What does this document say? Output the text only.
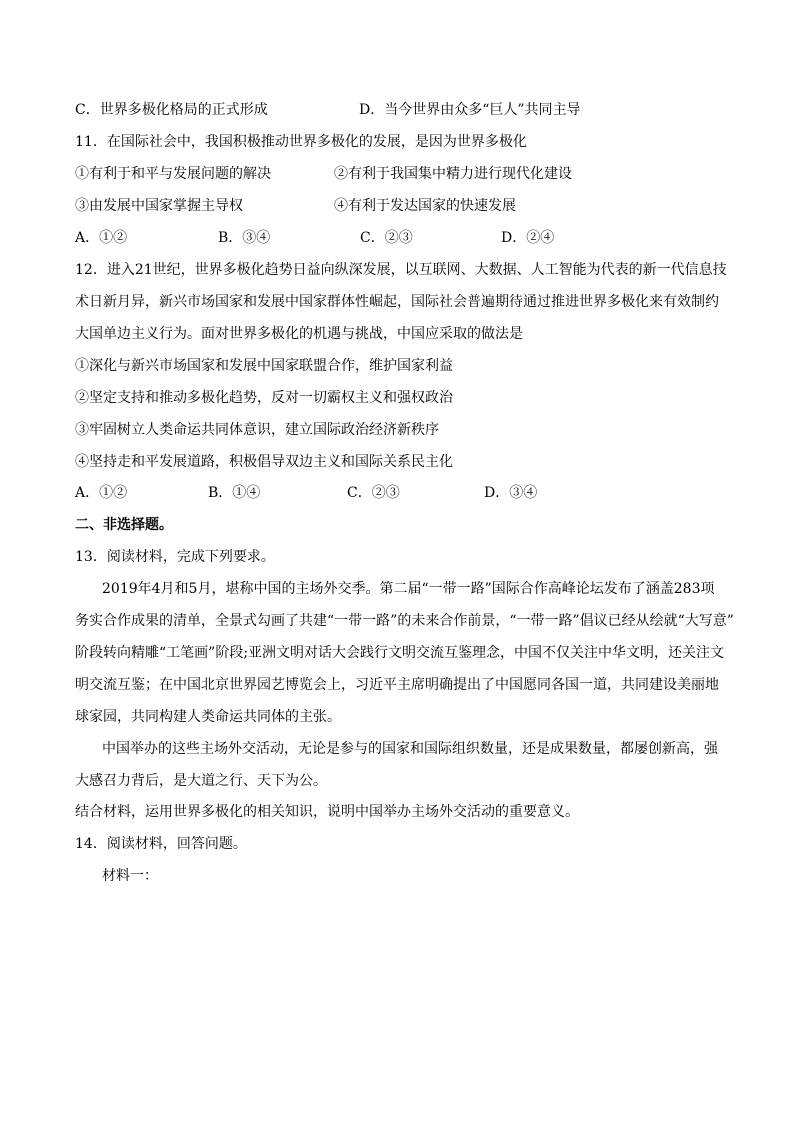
C．世界多极化格局的正式形成	D．当今世界由众多“巨人”共同主导
11．在国际社会中，我国积极推动世界多极化的发展，是因为世界多极化
①有利于和平与发展问题的解决	②有利于我国集中精力进行现代化建设
③由发展中国家掌握主导权	④有利于发达国家的快速发展
A．①②	B．③④	C．②③	D．②④
12．进入21世纪，世界多极化趋势日益向纵深发展，以互联网、大数据、人工智能为代表的新一代信息技
术日新月异，新兴市场国家和发展中国家群体性崛起，国际社会普遍期待通过推进世界多极化来有效制约
大国单边主义行为。面对世界多极化的机遇与挑战，中国应采取的做法是
①深化与新兴市场国家和发展中国家联盟合作，维护国家利益
②坚定支持和推动多极化趋势，反对一切霸权主义和强权政治
③牢固树立人类命运共同体意识，建立国际政治经济新秩序
④坚持走和平发展道路，积极倡导双边主义和国际关系民主化
A．①②	B．①④	C．②③	D．③④
二、非选择题。
13．阅读材料，完成下列要求。
2019年4月和5月，堪称中国的主场外交季。第二届“一带一路”国际合作高峰论坛发布了涵盖283项
务实合作成果的清单，全景式勾画了共建“一带一路”的未来合作前景，“一带一路”倡议已经从绘就“大写意”
阶段转向精雕“工笔画”阶段;亚洲文明对话大会践行文明交流互鉴理念，中国不仅关注中华文明，还关注文
明交流互鉴；在中国北京世界园艺博览会上，习近平主席明确提出了中国愿同各国一道，共同建设美丽地
球家园，共同构建人类命运共同体的主张。
中国举办的这些主场外交活动，无论是参与的国家和国际组织数量，还是成果数量，都屡创新高，强
大感召力背后，是大道之行、天下为公。
结合材料，运用世界多极化的相关知识，说明中国举办主场外交活动的重要意义。
14．阅读材料，回答问题。
材料一：
